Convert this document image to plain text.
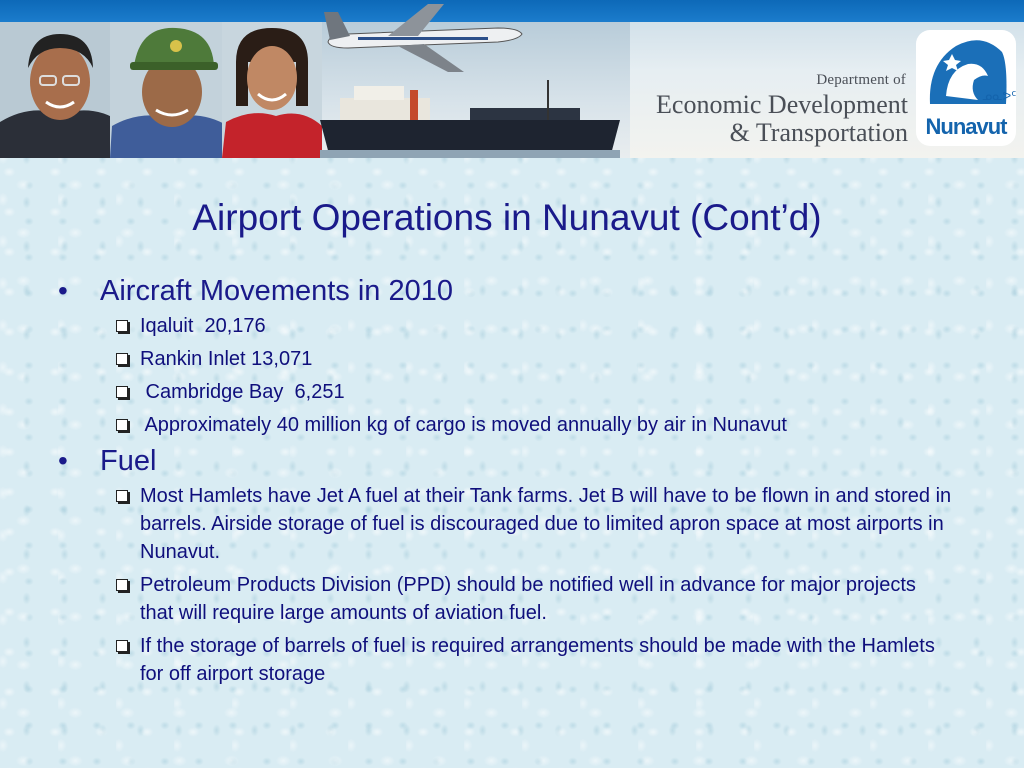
Department of
Economic Development
& Transportation
ᓄᓇᕗᑦ
Nunavut
Airport Operations in Nunavut (Cont’d)
•	Aircraft Movements in 2010
Iqaluit  20,176
Rankin Inlet 13,071
Cambridge Bay  6,251
Approximately 40 million kg of cargo is moved annually by air in Nunavut
•	Fuel
Most Hamlets have Jet A fuel at their Tank farms. Jet B will have to be flown in and stored in barrels. Airside storage of fuel is discouraged due to limited apron space at most airports in Nunavut.
Petroleum Products Division (PPD) should be notified well in advance for major projects that will require large amounts of aviation fuel.
If the storage of barrels of fuel is required arrangements should be made with the Hamlets for off airport storage
